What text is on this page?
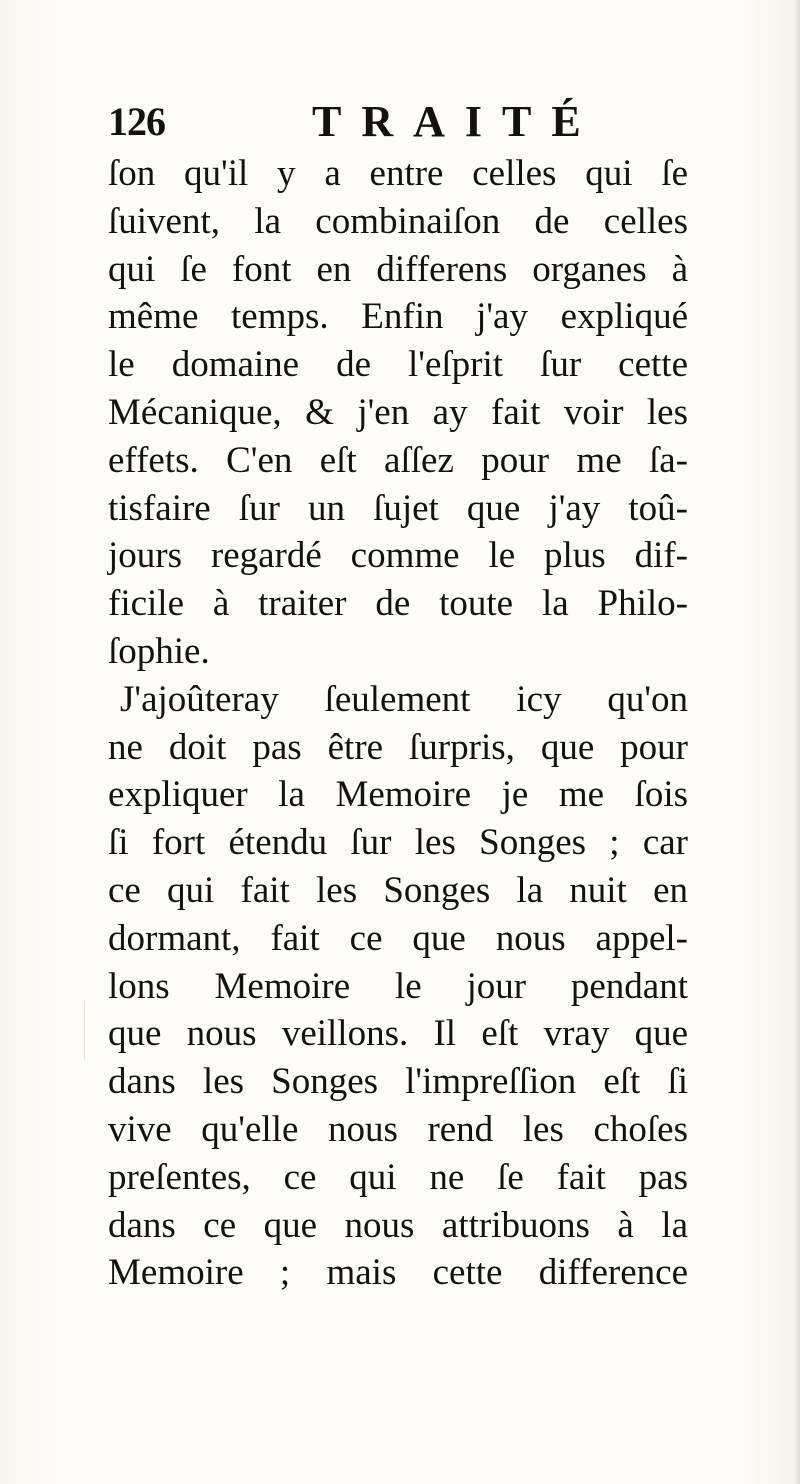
126	TRAITÉ
ſon qu'il y a entre celles qui ſe
ſuivent, la combinaiſon de celles
qui ſe font en differens organes à
même temps. Enfin j'ay expliqué
le domaine de l'eſprit ſur cette
Mécanique, & j'en ay fait voir les
effets. C'en eſt aſſez pour me ſa-
tisfaire ſur un ſujet que j'ay toû-
jours regardé comme le plus dif-
ficile à traiter de toute la Philo-
ſophie.
J'ajoûteray ſeulement icy qu'on
ne doit pas être ſurpris, que pour
expliquer la Memoire je me ſois
ſi fort étendu ſur les Songes ; car
ce qui fait les Songes la nuit en
dormant, fait ce que nous appel-
lons Memoire le jour pendant
que nous veillons. Il eſt vray que
dans les Songes l'impreſſion eſt ſi
vive qu'elle nous rend les choſes
preſentes, ce qui ne ſe fait pas
dans ce que nous attribuons à la
Memoire ; mais cette difference
